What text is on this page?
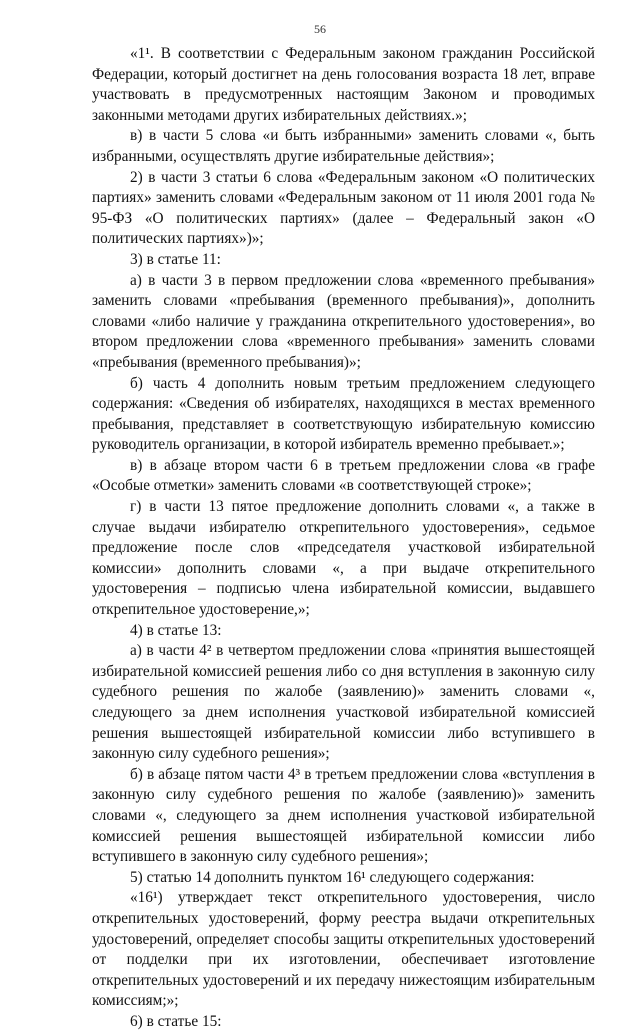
56

«1¹. В соответствии с Федеральным законом гражданин Российской Федерации, который достигнет на день голосования возраста 18 лет, вправе участвовать в предусмотренных настоящим Законом и проводимых законными методами других избирательных действиях.»;

в) в части 5 слова «и быть избранными» заменить словами «, быть избранными, осуществлять другие избирательные действия»;

2) в части 3 статьи 6 слова «Федеральным законом «О политических партиях» заменить словами «Федеральным законом от 11 июля 2001 года № 95-ФЗ «О политических партиях» (далее – Федеральный закон «О политических партиях»)»;

3) в статье 11:

а) в части 3 в первом предложении слова «временного пребывания» заменить словами «пребывания (временного пребывания)», дополнить словами «либо наличие у гражданина открепительного удостоверения», во втором предложении слова «временного пребывания» заменить словами «пребывания (временного пребывания)»;

б) часть 4 дополнить новым третьим предложением следующего содержания: «Сведения об избирателях, находящихся в местах временного пребывания, представляет в соответствующую избирательную комиссию руководитель организации, в которой избиратель временно пребывает.»;

в) в абзаце втором части 6 в третьем предложении слова «в графе «Особые отметки» заменить словами «в соответствующей строке»;

г) в части 13 пятое предложение дополнить словами «, а также в случае выдачи избирателю открепительного удостоверения», седьмое предложение после слов «председателя участковой избирательной комиссии» дополнить словами «, а при выдаче открепительного удостоверения – подписью члена избирательной комиссии, выдавшего открепительное удостоверение,»;

4) в статье 13:

а) в части 4² в четвертом предложении слова «принятия вышестоящей избирательной комиссией решения либо со дня вступления в законную силу судебного решения по жалобе (заявлению)» заменить словами «, следующего за днем исполнения участковой избирательной комиссией решения вышестоящей избирательной комиссии либо вступившего в законную силу судебного решения»;

б) в абзаце пятом части 4³ в третьем предложении слова «вступления в законную силу судебного решения по жалобе (заявлению)» заменить словами «, следующего за днем исполнения участковой избирательной комиссией решения вышестоящей избирательной комиссии либо вступившего в законную силу судебного решения»;

5) статью 14 дополнить пунктом 16¹ следующего содержания:

«16¹) утверждает текст открепительного удостоверения, число открепительных удостоверений, форму реестра выдачи открепительных удостоверений, определяет способы защиты открепительных удостоверений от подделки при их изготовлении, обеспечивает изготовление открепительных удостоверений и их передачу нижестоящим избирательным комиссиям;»;

6) в статье 15:
